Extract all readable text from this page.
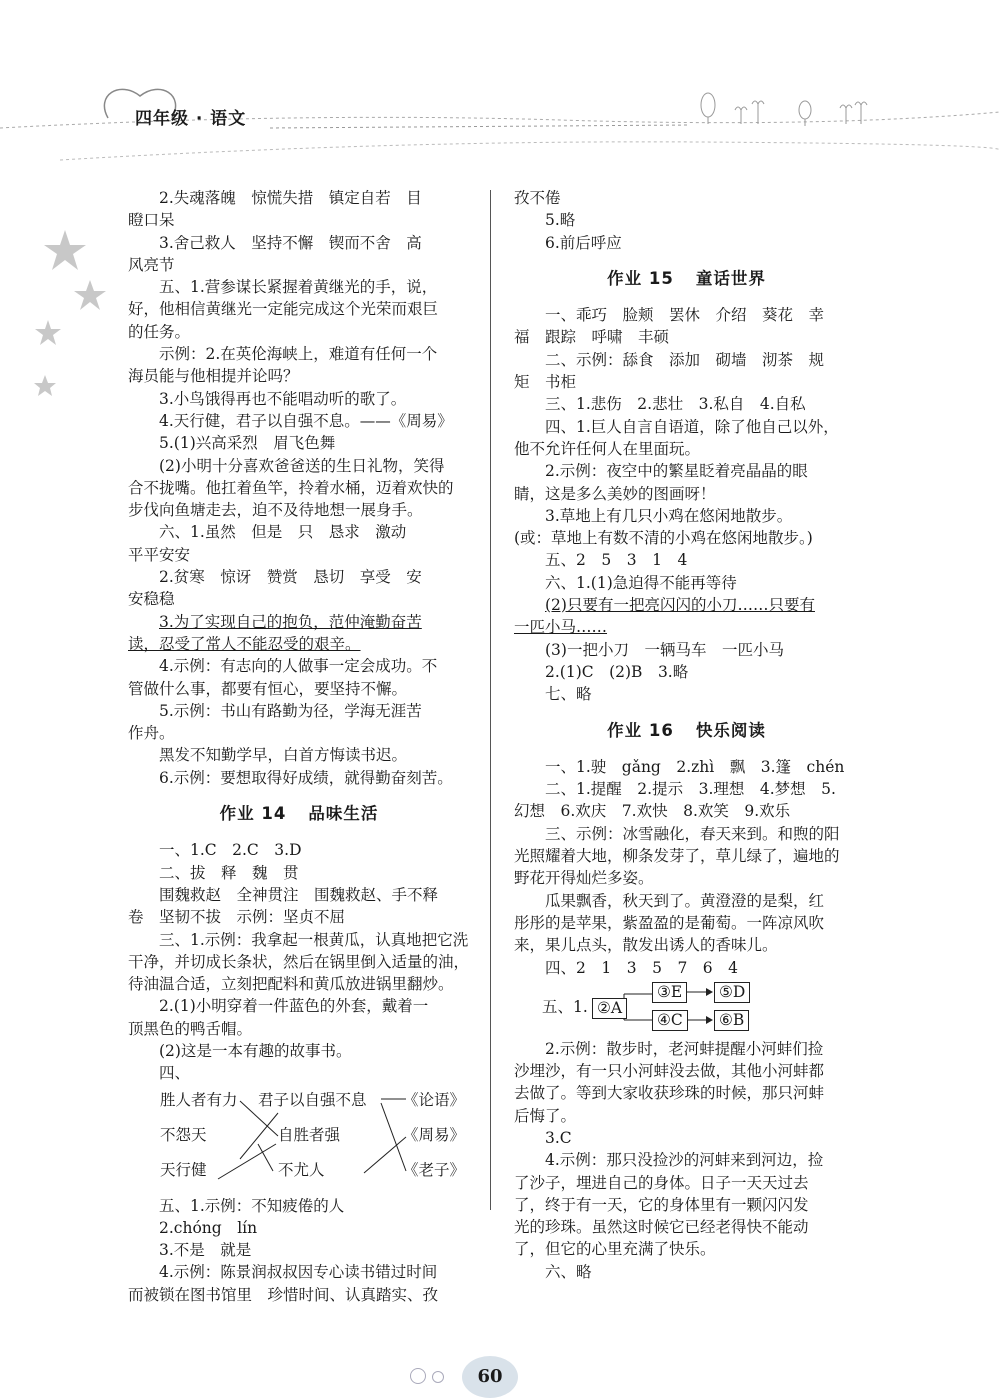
四年级 · 语文

2.失魂落魄　惊慌失措　镇定自若　目

瞪口呆

3.舍己救人　坚持不懈　锲而不舍　高

风亮节

五、1.营参谋长紧握着黄继光的手，说，

好，他相信黄继光一定能完成这个光荣而艰巨

的任务。

示例：2.在英伦海峡上，难道有任何一个

海员能与他相提并论吗？

3.小鸟饿得再也不能唱动听的歌了。

4.天行健，君子以自强不息。——《周易》

5.(1)兴高采烈　眉飞色舞

(2)小明十分喜欢爸爸送的生日礼物，笑得

合不拢嘴。他扛着鱼竿，拎着水桶，迈着欢快的

步伐向鱼塘走去，迫不及待地想一展身手。

六、1.虽然　但是　只　恳求　激动

平平安安

2.贫寒　惊讶　赞赏　恳切　享受　安

安稳稳

3.为了实现自己的抱负，范仲淹勤奋苦

读，忍受了常人不能忍受的艰辛。

4.示例：有志向的人做事一定会成功。不

管做什么事，都要有恒心，要坚持不懈。

5.示例：书山有路勤为径，学海无涯苦

作舟。

黑发不知勤学早，白首方悔读书迟。

6.示例：要想取得好成绩，就得勤奋刻苦。

作业 14 品味生活

一、1.C　2.C　3.D

二、拔　释　魏　贯

围魏救赵　全神贯注　围魏救赵、手不释

卷　坚韧不拔　示例：坚贞不屈

三、1.示例：我拿起一根黄瓜，认真地把它洗

干净，并切成长条状，然后在锅里倒入适量的油，

待油温合适，立刻把配料和黄瓜放进锅里翻炒。

2.(1)小明穿着一件蓝色的外套，戴着一

顶黑色的鸭舌帽。

(2)这是一本有趣的故事书。

四、

胜人者有力
不怨天
天行健
君子以自强不息
自胜者强
不尤人
《论语》
《周易》
《老子》

五、1.示例：不知疲倦的人

2.chóng　lín

3.不是　就是

4.示例：陈景润叔叔因专心读书错过时间

而被锁在图书馆里　珍惜时间、认真踏实、孜

孜不倦

5.略

6.前后呼应

作业 15 童话世界

一、乖巧　脸颊　罢休　介绍　葵花　幸

福　跟踪　呼啸　丰硕

二、示例：舔食　添加　砌墙　沏茶　规

矩　书柜

三、1.悲伤　2.悲壮　3.私自　4.自私

四、1.巨人自言自语道，除了他自己以外，

他不允许任何人在里面玩。

2.示例：夜空中的繁星眨着亮晶晶的眼

睛，这是多么美妙的图画呀！

3.草地上有几只小鸡在悠闲地散步。

(或：草地上有数不清的小鸡在悠闲地散步。)

五、2　5　3　1　4

六、1.(1)急迫得不能再等待

(2)只要有一把亮闪闪的小刀……只要有

一匹小马……

(3)一把小刀　一辆马车　一匹小马

2.(1)C　(2)B　3.略

七、略

作业 16 快乐阅读

一、1.驶　gǎng　2.zhì　飘　3.篷　chén

二、1.提醒　2.提示　3.理想　4.梦想　5.

幻想　6.欢庆　7.欢快　8.欢笑　9.欢乐

三、示例：冰雪融化，春天来到。和煦的阳

光照耀着大地，柳条发芽了，草儿绿了，遍地的

野花开得灿烂多姿。

瓜果飘香，秋天到了。黄澄澄的是梨，红

彤彤的是苹果，紫盈盈的是葡萄。一阵凉风吹

来，果儿点头，散发出诱人的香味儿。

四、2　1　3　5　7　6　4

五、1. ②A
③E	⑤D
④C	⑥B

2.示例：散步时，老河蚌提醒小河蚌们捡

沙埋沙，有一只小河蚌没去做，其他小河蚌都

去做了。等到大家收获珍珠的时候，那只河蚌

后悔了。

3.C

4.示例：那只没捡沙的河蚌来到河边，捡

了沙子，埋进自己的身体。日子一天天过去

了，终于有一天，它的身体里有一颗闪闪发

光的珍珠。虽然这时候它已经老得快不能动

了，但它的心里充满了快乐。

六、略

60
